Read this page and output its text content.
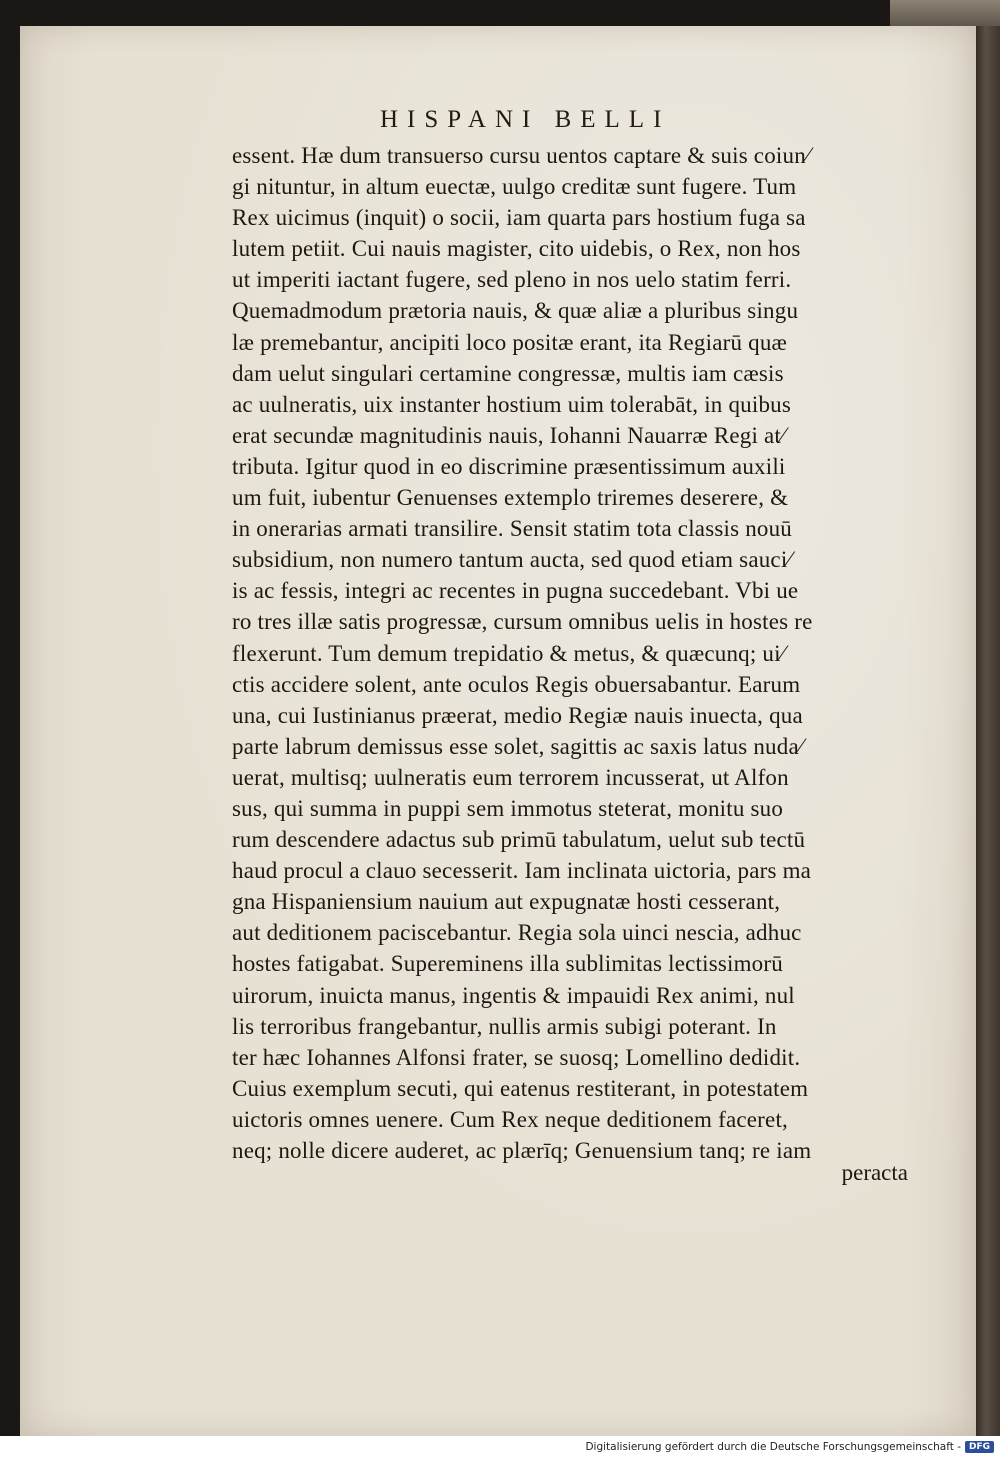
HISPANI BELLI
essent. Hæ dum transuerso cursu uentos captare & suis coiun⁄
gi nituntur, in altum euectæ, uulgo creditæ sunt fugere. Tum
Rex uicimus (inquit) o socii, iam quarta pars hostium fuga sa
lutem petiit. Cui nauis magister, cito uidebis, o Rex, non hos
ut imperiti iactant fugere, sed pleno in nos uelo statim ferri.
Quemadmodum prætoria nauis, & quæ aliæ a pluribus singu
læ premebantur, ancipiti loco positæ erant, ita Regiarū quæ
dam uelut singulari certamine congressæ, multis iam cæsis
ac uulneratis, uix instanter hostium uim tolerabāt, in quibus
erat secundæ magnitudinis nauis, Iohanni Nauarræ Regi at⁄
tributa. Igitur quod in eo discrimine præsentissimum auxili
um fuit, iubentur Genuenses extemplo triremes deserere, &
in onerarias armati transilire. Sensit statim tota classis nouū
subsidium, non numero tantum aucta, sed quod etiam sauci⁄
is ac fessis, integri ac recentes in pugna succedebant. Vbi ue
ro tres illæ satis progressæ, cursum omnibus uelis in hostes re
flexerunt. Tum demum trepidatio & metus, & quæcunq; ui⁄
ctis accidere solent, ante oculos Regis obuersabantur. Earum
una, cui Iustinianus præerat, medio Regiæ nauis inuecta, qua
parte labrum demissus esse solet, sagittis ac saxis latus nuda⁄
uerat, multisq; uulneratis eum terrorem incusserat, ut Alfon
sus, qui summa in puppi sem immotus steterat, monitu suo
rum descendere adactus sub primū tabulatum, uelut sub tectū
haud procul a clauo secesserit. Iam inclinata uictoria, pars ma
gna Hispaniensium nauium aut expugnatæ hosti cesserant,
aut deditionem paciscebantur. Regia sola uinci nescia, adhuc
hostes fatigabat. Supereminens illa sublimitas lectissimorū
uirorum, inuicta manus, ingentis & impauidi Rex animi, nul
lis terroribus frangebantur, nullis armis subigi poterant. In
ter hæc Iohannes Alfonsi frater, se suosq; Lomellino dedidit.
Cuius exemplum secuti, qui eatenus restiterant, in potestatem
uictoris omnes uenere. Cum Rex neque deditionem faceret,
neq; nolle dicere auderet, ac plærīq; Genuensium tanq; re iam
peracta
Digitalisierung gefördert durch die Deutsche Forschungsgemeinschaft - DFG
